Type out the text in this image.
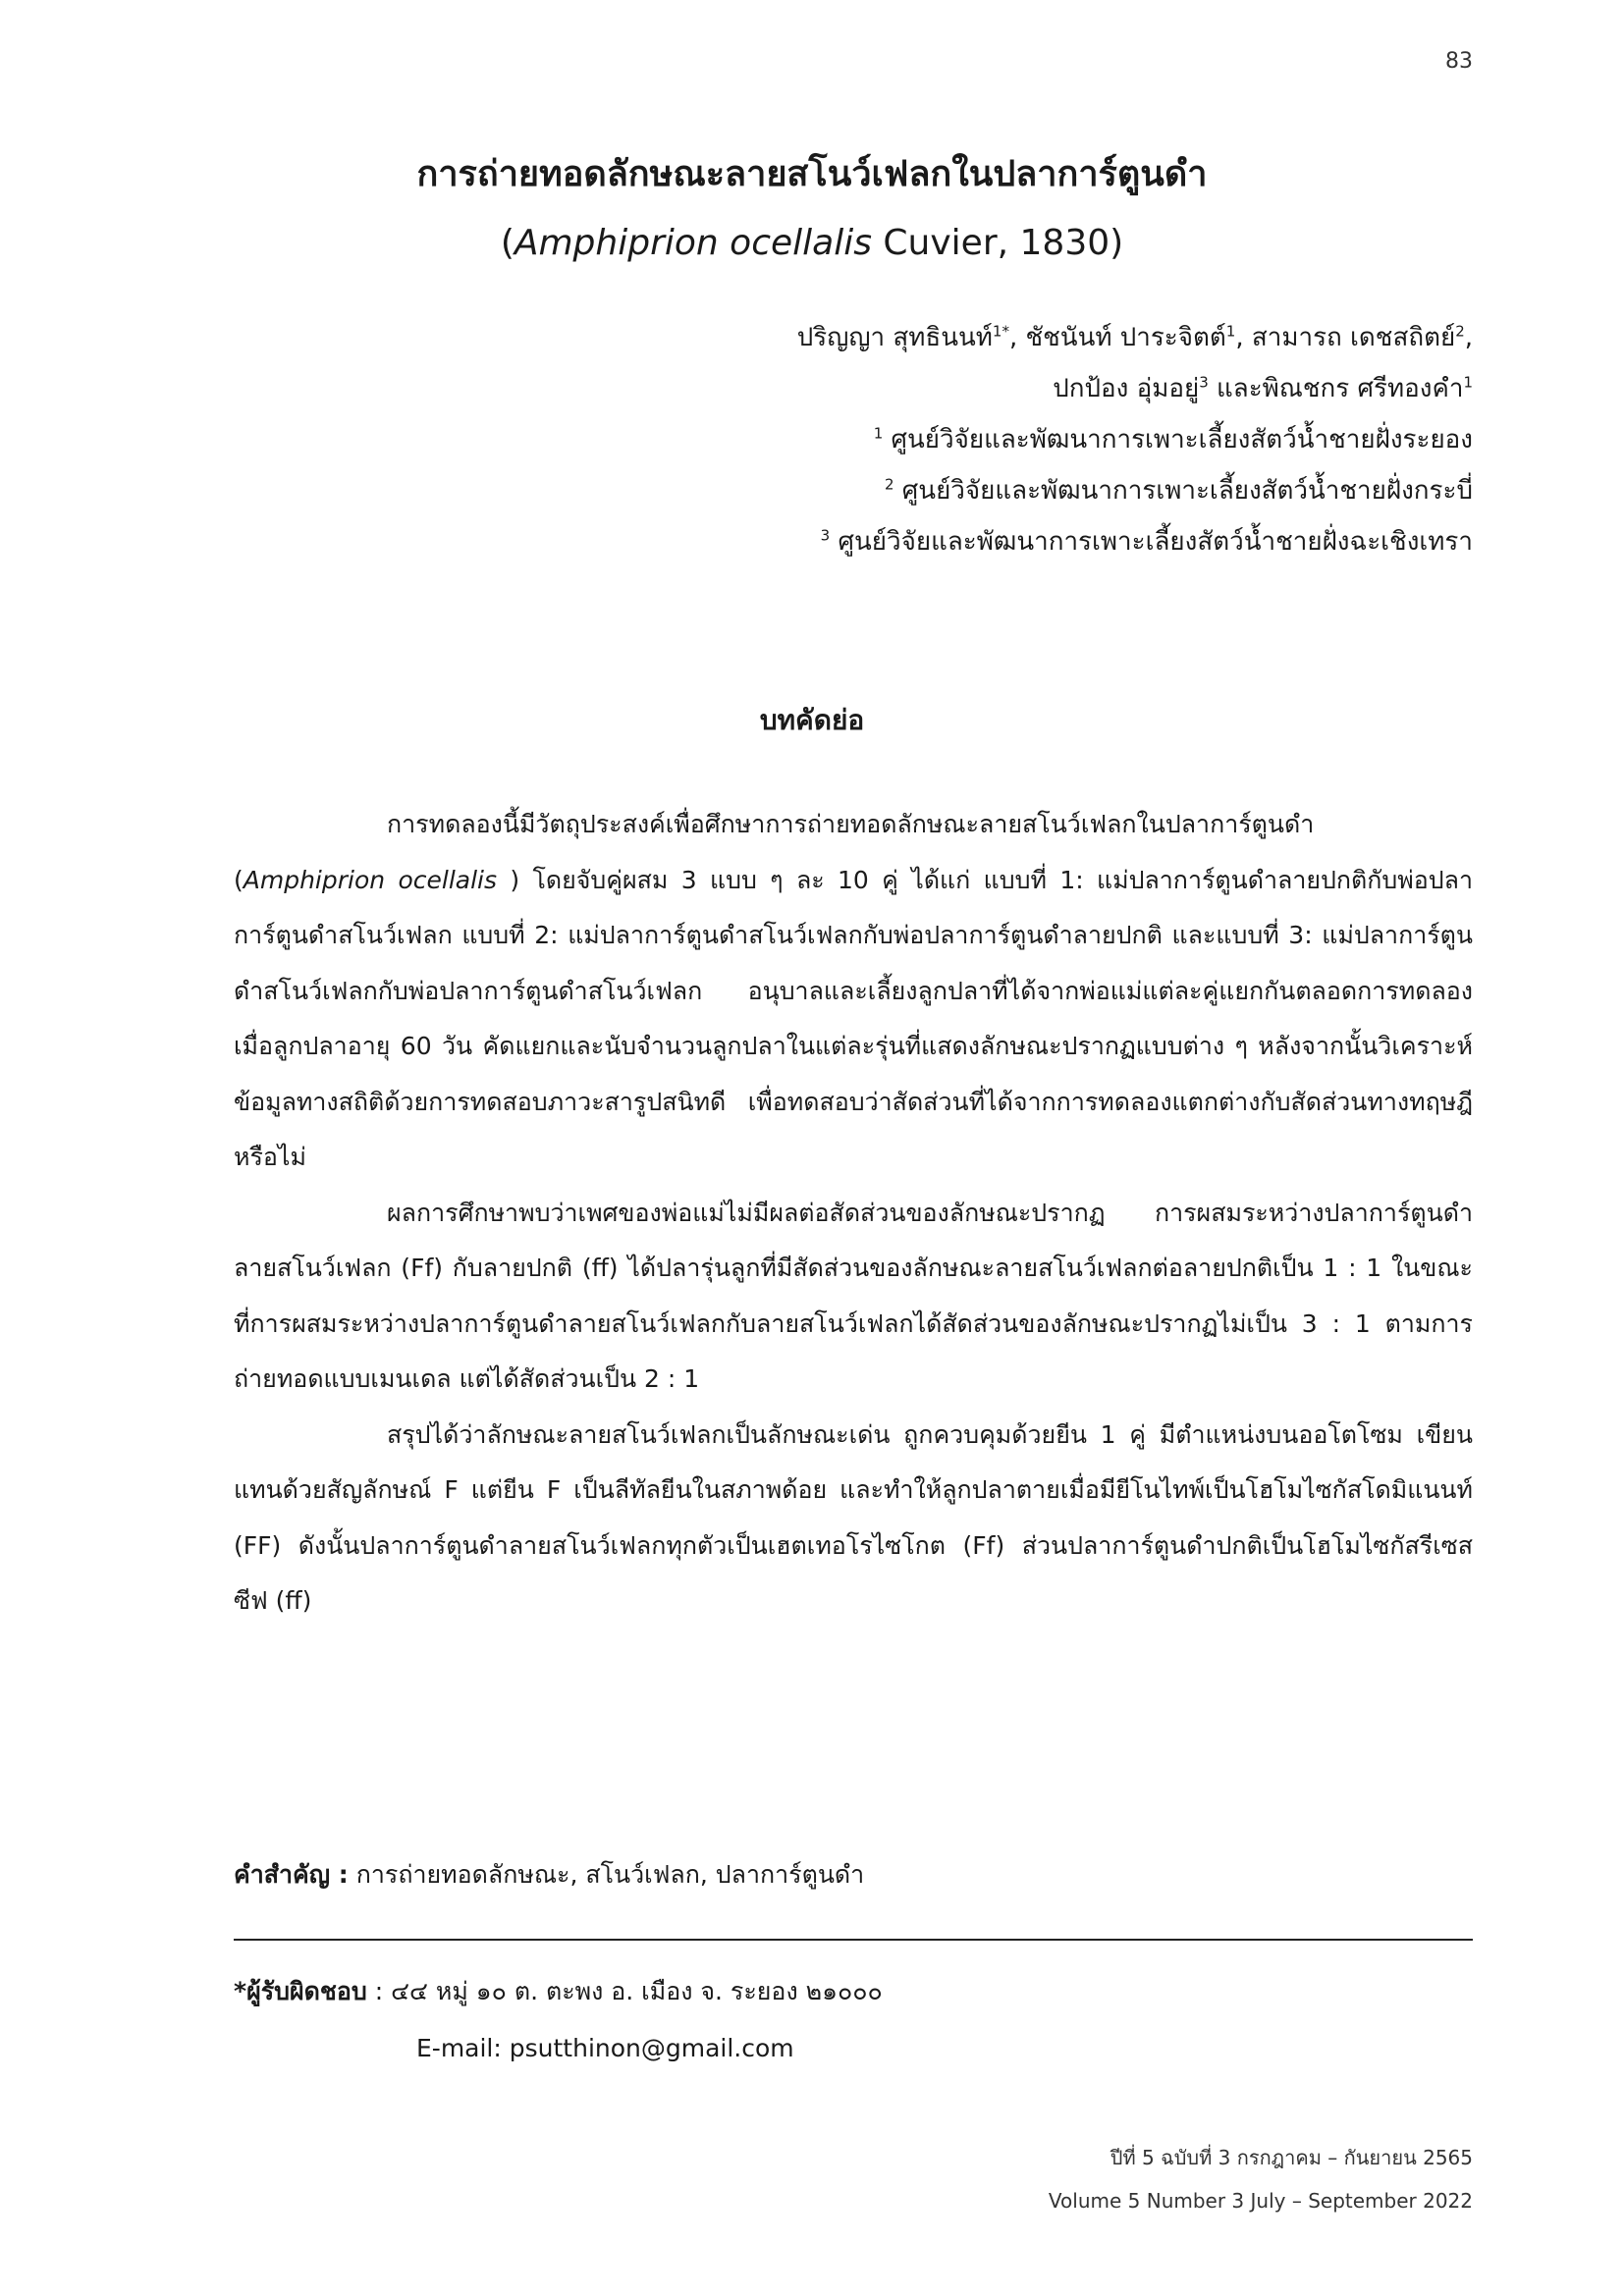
83

การถ่ายทอดลักษณะลายสโนว์เฟลกในปลาการ์ตูนดำ

(Amphiprion ocellalis Cuvier, 1830)

ปริญญา สุทธินนท์$^{1*}$, ชัชนันท์ ปาระจิตต์$^1$, สามารถ เดชสถิตย์$^2$,

ปกป้อง อุ่มอยู่$^3$ และพิณชกร ศรีทองคำ$^1$

$^1$ ศูนย์วิจัยและพัฒนาการเพาะเลี้ยงสัตว์น้ำชายฝั่งระยอง

$^2$ ศูนย์วิจัยและพัฒนาการเพาะเลี้ยงสัตว์น้ำชายฝั่งกระบี่

$^3$ ศูนย์วิจัยและพัฒนาการเพาะเลี้ยงสัตว์น้ำชายฝั่งฉะเชิงเทรา

บทคัดย่อ

การทดลองนี้มีวัตถุประสงค์เพื่อศึกษาการถ่ายทอดลักษณะลายสโนว์เฟลกในปลาการ์ตูนดำ (Amphiprion ocellalis ) โดยจับคู่ผสม 3 แบบ ๆ ละ 10 คู่ ได้แก่ แบบที่ 1: แม่ปลาการ์ตูนดำลายปกติกับพ่อปลาการ์ตูนดำสโนว์เฟลก แบบที่ 2: แม่ปลาการ์ตูนดำสโนว์เฟลกกับพ่อปลาการ์ตูนดำลายปกติ และแบบที่ 3: แม่ปลาการ์ตูนดำสโนว์เฟลกกับพ่อปลาการ์ตูนดำสโนว์เฟลก อนุบาลและเลี้ยงลูกปลาที่ได้จากพ่อแม่แต่ละคู่แยกกันตลอดการทดลอง เมื่อลูกปลาอายุ 60 วัน คัดแยกและนับจำนวนลูกปลาในแต่ละรุ่นที่แสดงลักษณะปรากฏแบบต่าง ๆ หลังจากนั้นวิเคราะห์ข้อมูลทางสถิติด้วยการทดสอบภาวะสารูปสนิทดี เพื่อทดสอบว่าสัดส่วนที่ได้จากการทดลองแตกต่างกับสัดส่วนทางทฤษฎีหรือไม่

ผลการศึกษาพบว่าเพศของพ่อแม่ไม่มีผลต่อสัดส่วนของลักษณะปรากฏ การผสมระหว่างปลาการ์ตูนดำลายสโนว์เฟลก (Ff) กับลายปกติ (ff) ได้ปลารุ่นลูกที่มีสัดส่วนของลักษณะลายสโนว์เฟลกต่อลายปกติเป็น 1 : 1 ในขณะที่การผสมระหว่างปลาการ์ตูนดำลายสโนว์เฟลกกับลายสโนว์เฟลกได้สัดส่วนของลักษณะปรากฏไม่เป็น 3 : 1 ตามการถ่ายทอดแบบเมนเดล แต่ได้สัดส่วนเป็น 2 : 1

สรุปได้ว่าลักษณะลายสโนว์เฟลกเป็นลักษณะเด่น ถูกควบคุมด้วยยีน 1 คู่ มีตำแหน่งบนออโตโซม เขียนแทนด้วยสัญลักษณ์ F แต่ยีน F เป็นลีทัลยีนในสภาพด้อย และทำให้ลูกปลาตายเมื่อมียีโนไทพ์เป็นโฮโมไซกัสโดมิแนนท์ (FF) ดังนั้นปลาการ์ตูนดำลายสโนว์เฟลกทุกตัวเป็นเฮตเทอโรไซโกต (Ff) ส่วนปลาการ์ตูนดำปกติเป็นโฮโมไซกัสรีเซสซีฟ (ff)

คำสำคัญ : การถ่ายทอดลักษณะ, สโนว์เฟลก, ปลาการ์ตูนดำ

*ผู้รับผิดชอบ : ๔๔ หมู่ ๑๐ ต. ตะพง อ. เมือง จ. ระยอง ๒๑๐๐๐

E-mail: psutthinon@gmail.com

ปีที่ 5 ฉบับที่ 3 กรกฎาคม – กันยายน 2565

Volume 5 Number 3 July – September 2022
